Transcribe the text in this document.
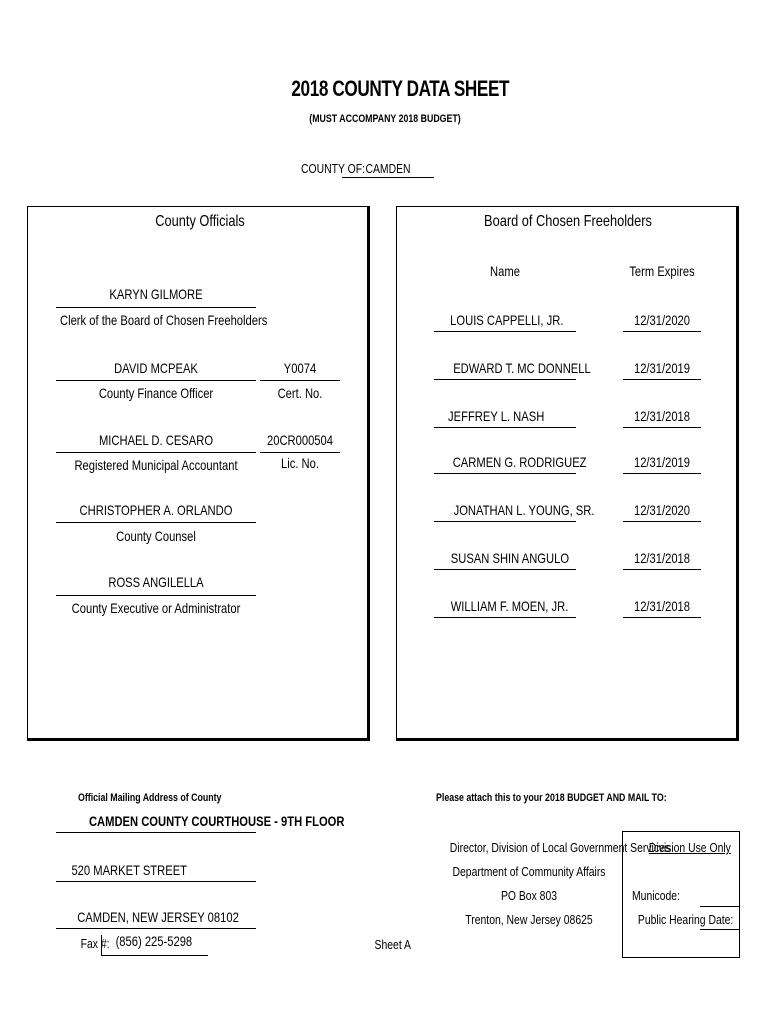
2018 COUNTY DATA SHEET
(MUST ACCOMPANY 2018 BUDGET)
COUNTY OF: CAMDEN
County Officials
KARYN GILMORE
Clerk of the Board of Chosen Freeholders
DAVID MCPEAK
County Finance Officer
Y0074
Cert. No.
MICHAEL D. CESARO
Registered Municipal Accountant
20CR000504
Lic. No.
CHRISTOPHER A. ORLANDO
County Counsel
ROSS ANGILELLA
County Executive or Administrator
Board of Chosen Freeholders
Name	Term Expires
LOUIS CAPPELLI, JR.	12/31/2020
EDWARD T. MC DONNELL	12/31/2019
JEFFREY L. NASH	12/31/2018
CARMEN G. RODRIGUEZ	12/31/2019
JONATHAN L. YOUNG, SR.	12/31/2020
SUSAN SHIN ANGULO	12/31/2018
WILLIAM F. MOEN, JR.	12/31/2018
Official Mailing Address of County
CAMDEN COUNTY COURTHOUSE - 9TH FLOOR
520 MARKET STREET
CAMDEN, NEW JERSEY 08102
Fax #: (856) 225-5298	Sheet A
Please attach this to your 2018 BUDGET AND MAIL TO:
Director, Division of Local Government Services
Department of Community Affairs
PO Box 803
Trenton, New Jersey 08625
Division Use Only
Municode:
Public Hearing Date:
